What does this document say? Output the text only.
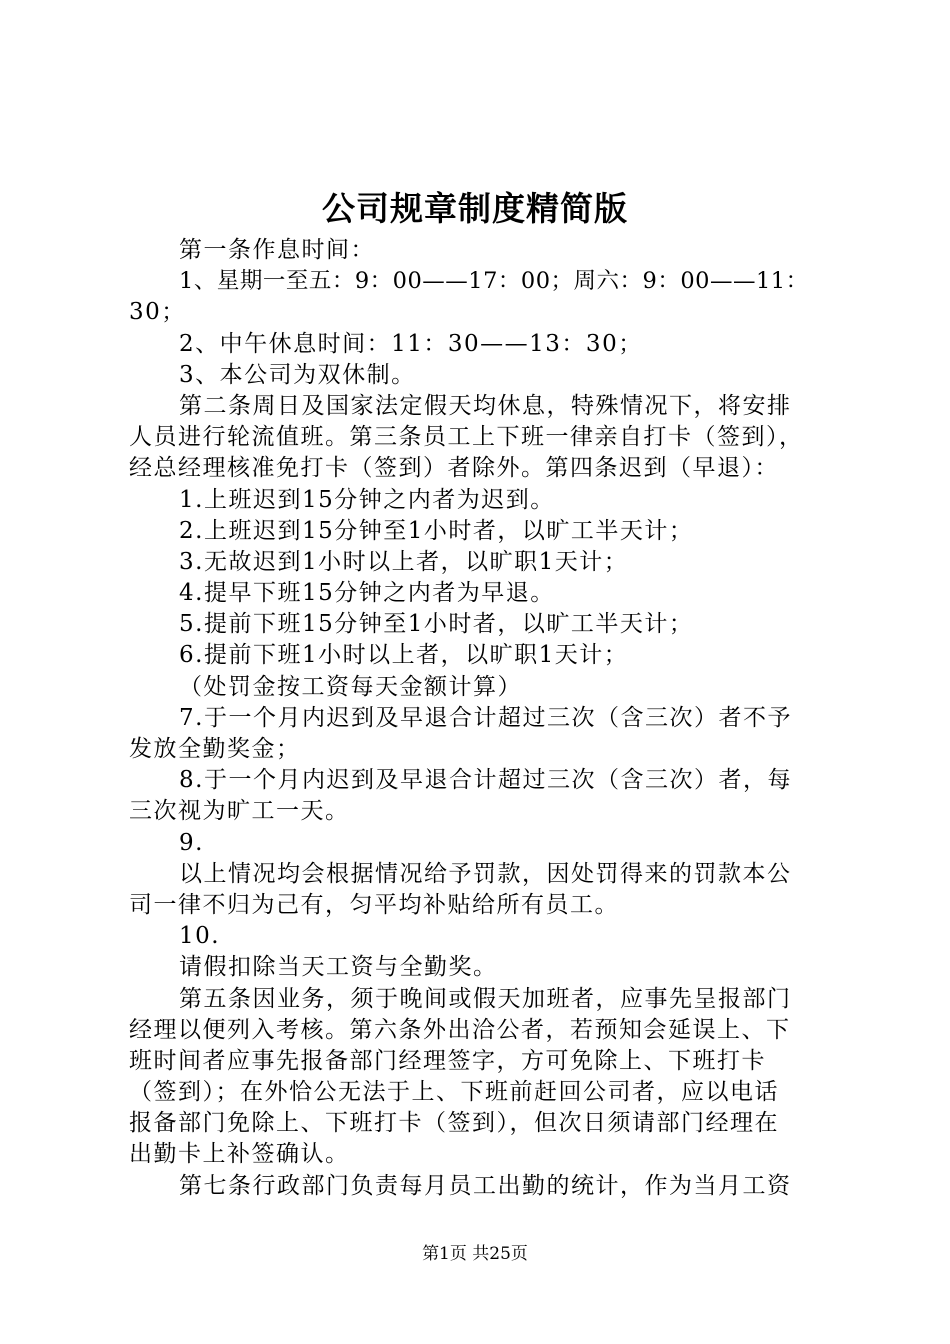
公司规章制度精简版
第一条作息时间：
1、星期一至五：9：00——17：00；周六：9：00——11：
30；
2、中午休息时间：11：30——13：30；
3、本公司为双休制。
第二条周日及国家法定假天均休息，特殊情况下，将安排
人员进行轮流值班。第三条员工上下班一律亲自打卡（签到），
经总经理核准免打卡（签到）者除外。第四条迟到（早退）：
1.上班迟到15分钟之内者为迟到。
2.上班迟到15分钟至1小时者，以旷工半天计；
3.无故迟到1小时以上者，以旷职1天计；
4.提早下班15分钟之内者为早退。
5.提前下班15分钟至1小时者，以旷工半天计；
6.提前下班1小时以上者，以旷职1天计；
（处罚金按工资每天金额计算）
7.于一个月内迟到及早退合计超过三次（含三次）者不予
发放全勤奖金；
8.于一个月内迟到及早退合计超过三次（含三次）者，每
三次视为旷工一天。
9.
以上情况均会根据情况给予罚款，因处罚得来的罚款本公
司一律不归为己有，匀平均补贴给所有员工。
10.
请假扣除当天工资与全勤奖。
第五条因业务，须于晚间或假天加班者，应事先呈报部门
经理以便列入考核。第六条外出洽公者，若预知会延误上、下
班时间者应事先报备部门经理签字，方可免除上、下班打卡
（签到）；在外恰公无法于上、下班前赶回公司者，应以电话
报备部门免除上、下班打卡（签到），但次日须请部门经理在
出勤卡上补签确认。
第七条行政部门负责每月员工出勤的统计，作为当月工资
第1页 共25页
